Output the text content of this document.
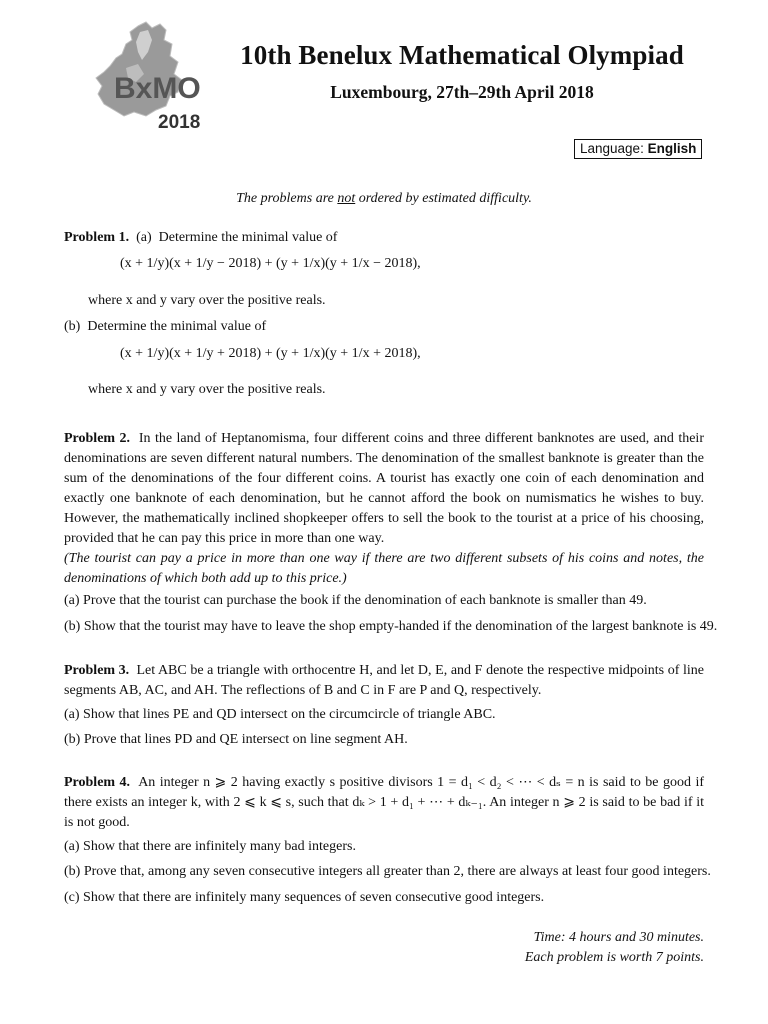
BxMO
2018
10th Benelux Mathematical Olympiad
Luxembourg, 27th–29th April 2018
Language: English
The problems are not ordered by estimated difficulty.
Problem 1. (a) Determine the minimal value of
(x + 1/y)(x + 1/y − 2018) + (y + 1/x)(y + 1/x − 2018),
where x and y vary over the positive reals.
(b) Determine the minimal value of
(x + 1/y)(x + 1/y + 2018) + (y + 1/x)(y + 1/x + 2018),
where x and y vary over the positive reals.
Problem 2. In the land of Heptanomisma, four different coins and three different banknotes are used, and their denominations are seven different natural numbers. The denomination of the smallest banknote is greater than the sum of the denominations of the four different coins. A tourist has exactly one coin of each denomination and exactly one banknote of each denomination, but he cannot afford the book on numismatics he wishes to buy. However, the mathematically inclined shopkeeper offers to sell the book to the tourist at a price of his choosing, provided that he can pay this price in more than one way.
(The tourist can pay a price in more than one way if there are two different subsets of his coins and notes, the denominations of which both add up to this price.)
(a) Prove that the tourist can purchase the book if the denomination of each banknote is smaller than 49.
(b) Show that the tourist may have to leave the shop empty-handed if the denomination of the largest banknote is 49.
Problem 3. Let ABC be a triangle with orthocentre H, and let D, E, and F denote the respective midpoints of line segments AB, AC, and AH. The reflections of B and C in F are P and Q, respectively.
(a) Show that lines PE and QD intersect on the circumcircle of triangle ABC.
(b) Prove that lines PD and QE intersect on line segment AH.
Problem 4. An integer n ⩾ 2 having exactly s positive divisors 1 = d₁ < d₂ < ⋯ < dₛ = n is said to be good if there exists an integer k, with 2 ⩽ k ⩽ s, such that dₖ > 1 + d₁ + ⋯ + dₖ₋₁. An integer n ⩾ 2 is said to be bad if it is not good.
(a) Show that there are infinitely many bad integers.
(b) Prove that, among any seven consecutive integers all greater than 2, there are always at least four good integers.
(c) Show that there are infinitely many sequences of seven consecutive good integers.
Time: 4 hours and 30 minutes.
Each problem is worth 7 points.
